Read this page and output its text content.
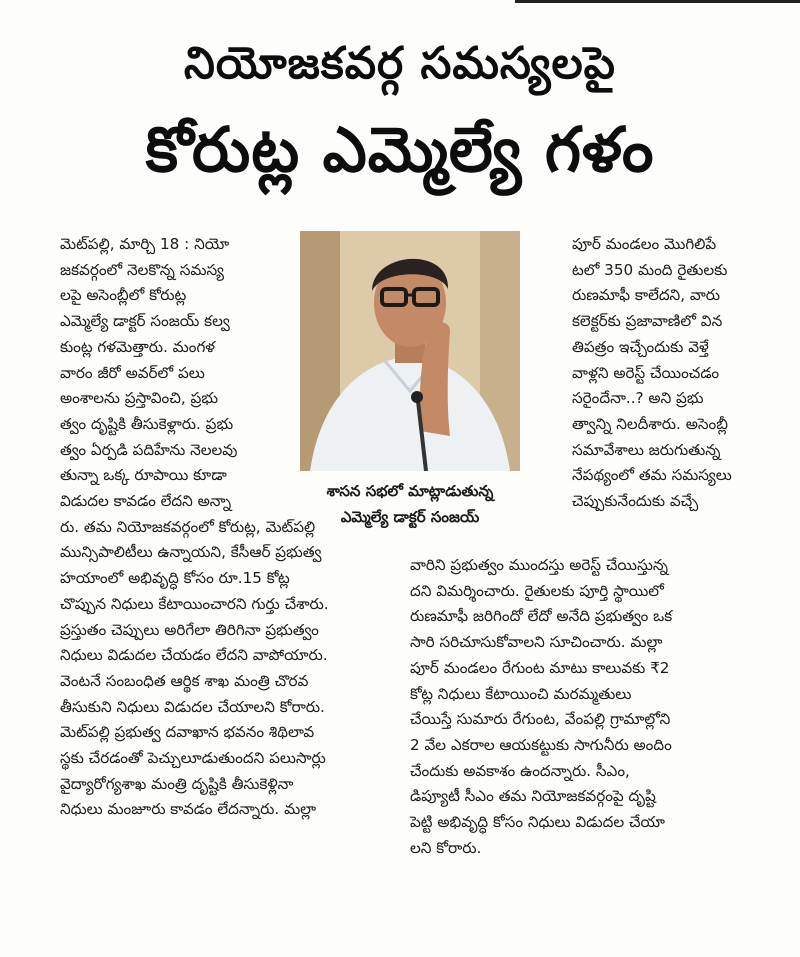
నియోజకవర్గ సమస్యలపై
కోరుట్ల ఎమ్మెల్యే గళం
మెట్‌పల్లి, మార్చి 18 : నియో
జకవర్గంలో నెలకొన్న సమస్య
లపై అసెంబ్లీలో కోరుట్ల
ఎమ్మెల్యే డాక్టర్ సంజయ్ కల్వ
కుంట్ల గళమెత్తారు. మంగళ
వారం జీరో అవర్‌లో పలు
అంశాలను ప్రస్తావించి, ప్రభు
త్వం దృష్టికి తీసుకెళ్లారు. ప్రభు
త్వం ఏర్పడి పదిహేను నెలలవు
తున్నా ఒక్క రూపాయి కూడా
విడుదల కావడం లేదని అన్నా
రు. తమ నియోజకవర్గంలో కోరుట్ల, మెట్‌పల్లి
మున్సిపాలిటీలు ఉన్నాయని, కేసీఆర్ ప్రభుత్వ
హయాంలో అభివృద్ధి కోసం రూ.15 కోట్ల
చొప్పున నిధులు కేటాయించారని గుర్తు చేశారు.
ప్రస్తుతం చెప్పులు అరిగేలా తిరిగినా ప్రభుత్వం
నిధులు విడుదల చేయడం లేదని వాపోయారు.
వెంటనే సంబంధిత ఆర్థిక శాఖ మంత్రి చొరవ
తీసుకుని నిధులు విడుదల చేయాలని కోరారు.
మెట్‌పల్లి ప్రభుత్వ దవాఖాన భవనం శిథిలావ
స్థకు చేరడంతో పెచ్చులూడుతుందని పలుసార్లు
వైద్యారోగ్యశాఖ మంత్రి దృష్టికి తీసుకెళ్లినా
నిధులు మంజూరు కావడం లేదన్నారు. మల్లా
శాసన సభలో మాట్లాడుతున్న
ఎమ్మెల్యే డాక్టర్ సంజయ్
పూర్ మండలం మొగిలిపే
టలో 350 మంది రైతులకు
రుణమాఫీ కాలేదని, వారు
కలెక్టర్‌కు ప్రజావాణిలో విన
తిపత్రం ఇచ్చేందుకు వెళ్తే
వాళ్లని అరెస్ట్ చేయించడం
సరైందేనా..? అని ప్రభు
త్వాన్ని నిలదీశారు. అసెంబ్లీ
సమావేశాలు జరుగుతున్న
నేపథ్యంలో తమ సమస్యలు
చెప్పుకునేందుకు వచ్చే
వారిని ప్రభుత్వం ముందస్తు అరెస్ట్ చేయిస్తున్న
దని విమర్శించారు. రైతులకు పూర్తి స్థాయిలో
రుణమాఫీ జరిగిందో లేదో అనేది ప్రభుత్వం ఒక
సారి సరిచూసుకోవాలని సూచించారు. మల్లా
పూర్ మండలం రేగుంట మాటు కాలువకు ₹2
కోట్ల నిధులు కేటాయించి మరమ్మతులు
చేయిస్తే సుమారు రేగుంట, వేంపల్లి గ్రామాల్లోని
2 వేల ఎకరాల ఆయకట్టుకు సాగునీరు అందిం
చేందుకు అవకాశం ఉందన్నారు. సీఎం,
డిప్యూటీ సీఎం తమ నియోజకవర్గంపై దృష్టి
పెట్టి అభివృద్ధి కోసం నిధులు విడుదల చేయా
లని కోరారు.
